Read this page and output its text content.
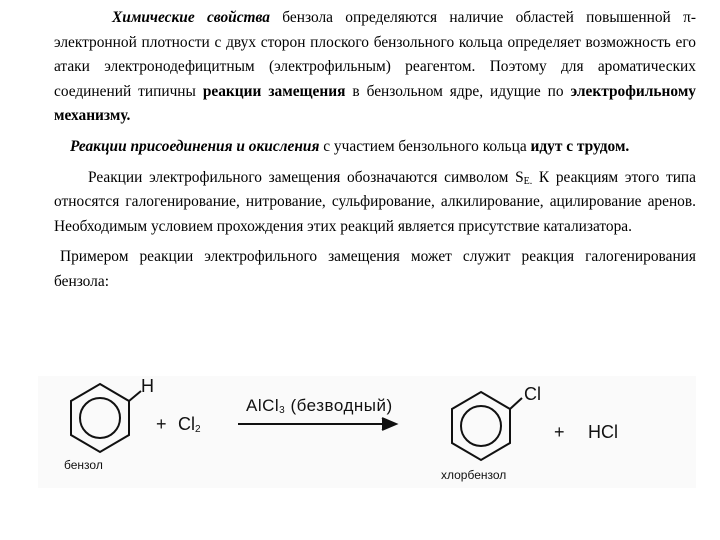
Химические свойства бензола определяются наличие областей повышенной π-электронной плотности с двух сторон плоского бензольного кольца определяет возможность его атаки электронодефицитным (электрофильным) реагентом. Поэтому для ароматических соединений типичны реакции замещения в бензольном ядре, идущие по электрофильному механизму.

Реакции присоединения и окисления с участием бензольного кольца идут с трудом.

Реакции электрофильного замещения обозначаются символом $S_{E.}$ К реакциям этого типа относятся галогенирование, нитрование, сульфирование, алкилирование, ацилирование аренов. Необходимым условием прохождения этих реакций является присутствие катализатора.

Примером реакции электрофильного замещения может служит реакция галогенирования бензола:

H
+ $Cl_2$
AlCl$_3$ (безводный)
Cl
+ HCl
бензол
хлорбензол
